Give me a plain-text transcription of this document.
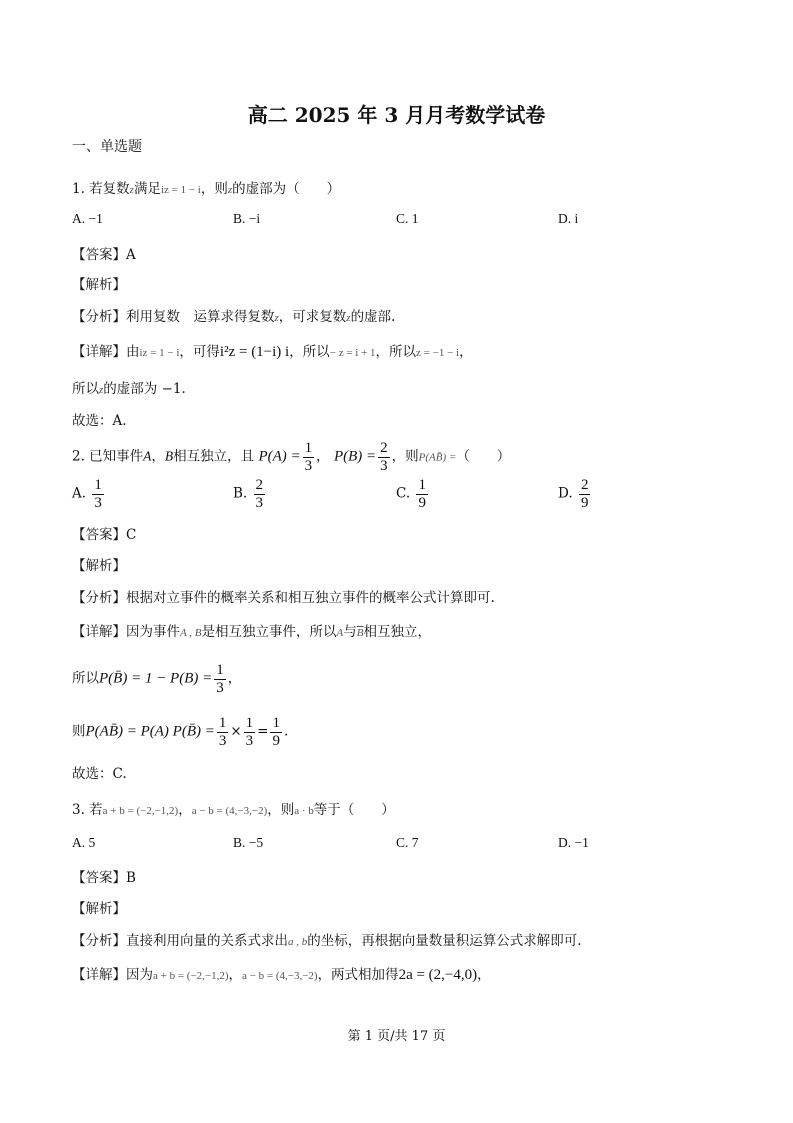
高二 2025 年 3 月月考数学试卷
一、单选题
1. 若复数z满足iz = 1 − i，则z的虚部为（　　）
A. −1	B. −i	C. 1	D. i
【答案】A
【解析】
【分析】利用复数　运算求得复数z，可求复数z的虚部.
【详解】由iz = 1 − i，可得i²z = (1−i) i，所以− z = i + 1，所以z = −1 − i，
所以z的虚部为 −1.
故选：A.
2. 已知事件A，B相互独立，且 $P(A) = \frac{1}{3}$ ， $P(B) = \frac{2}{3}$ ，则P(AB̄) =（　　）
A. $\frac{1}{3}$	B. $\frac{2}{3}$	C. $\frac{1}{9}$	D. $\frac{2}{9}$
【答案】C
【解析】
【分析】根据对立事件的概率关系和相互独立事件的概率公式计算即可.
【详解】因为事件A , B是相互独立事件，所以A与$\overline{B}$相互独立，
所以P(B̄) = $1 - P(B) = \frac{1}{3}$ ，
则P(AB̄) = P(A) P(B̄) = $\frac{1}{3} \times \frac{1}{3} = \frac{1}{9}$ .
故选：C.
3. 若a + b = (−2,−1,2)，a − b = (4,−3,−2)，则a · b等于（　　）
A. 5	B. −5	C. 7	D. −1
【答案】B
【解析】
【分析】直接利用向量的关系式求出a , b的坐标，再根据向量数量积运算公式求解即可.
【详解】因为a + b = (−2,−1,2)，a − b = (4,−3,−2)，两式相加得2a = (2,−4,0)，
第 1 页/共 17 页
